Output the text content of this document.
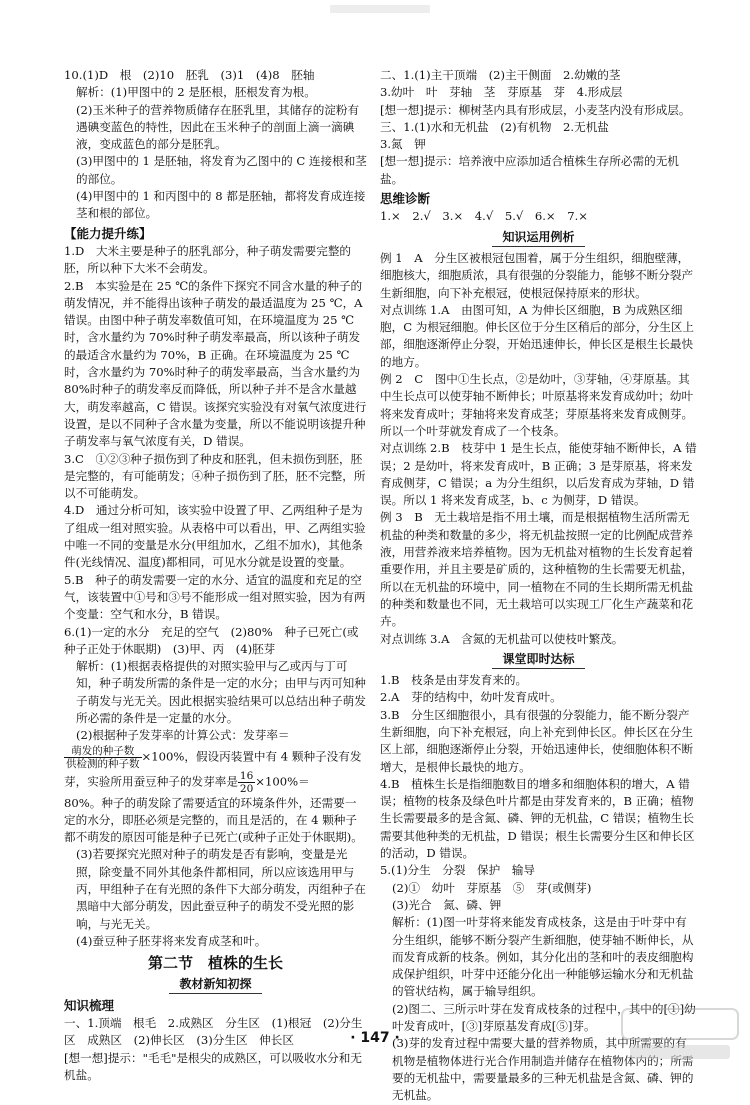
10.(1)D　根　(2)10　胚乳　(3)1　(4)8　胚轴
解析：(1)甲图中的 2 是胚根，胚根发育为根。
(2)玉米种子的营养物质储存在胚乳里，其储存的淀粉有遇碘变蓝色的特性，因此在玉米种子的剖面上滴一滴碘液，变成蓝色的部分是胚乳。
(3)甲图中的 1 是胚轴，将发育为乙图中的 C 连接根和茎的部位。
(4)甲图中的 1 和丙图中的 8 都是胚轴，都将发育成连接茎和根的部位。
【能力提升练】
1.D　大米主要是种子的胚乳部分，种子萌发需要完整的胚，所以种下大米不会萌发。
2.B　本实验是在 25 ℃的条件下探究不同含水量的种子的萌发情况，并不能得出该种子萌发的最适温度为 25 ℃，A 错误。由图中种子萌发率数值可知，在环境温度为 25 ℃时，含水量约为 70%时种子萌发率最高，所以该种子萌发的最适含水量约为 70%，B 正确。在环境温度为 25 ℃时，含水量约为 70%时种子的萌发率最高，当含水量约为 80%时种子的萌发率反而降低，所以种子并不是含水量越大，萌发率越高，C 错误。该探究实验没有对氧气浓度进行设置，是以不同种子含水量为变量，所以不能说明该提升种子萌发率与氧气浓度有关，D 错误。
3.C　①②③种子损伤到了种皮和胚乳，但未损伤到胚，胚是完整的，有可能萌发；④种子损伤到了胚，胚不完整，所以不可能萌发。
4.D　通过分析可知，该实验中设置了甲、乙两组种子是为了组成一组对照实验。从表格中可以看出，甲、乙两组实验中唯一不同的变量是水分(甲组加水，乙组不加水)，其他条件(光线情况、温度)都相同，可见水分就是设置的变量。
5.B　种子的萌发需要一定的水分、适宜的温度和充足的空气，该装置中①号和③号不能形成一组对照实验，因为有两个变量：空气和水分，B 错误。
6.(1)一定的水分　充足的空气　(2)80%　种子已死亡(或种子正处于休眠期)　(3)甲、丙　(4)胚芽
解析：(1)根据表格提供的对照实验甲与乙或丙与丁可知，种子萌发所需的条件是一定的水分；由甲与丙可知种子萌发与光无关。因此根据实验结果可以总结出种子萌发所必需的条件是一定量的水分。
(2)根据种子发芽率的计算公式：发芽率＝
$\frac{\text{萌发的种子数}}{\text{供检测的种子数}} \times 100\%$，假设丙装置中有 4 颗种子没有发芽，实验所用蚕豆种子的发芽率是 $\frac{16}{20} \times 100\%=$
80%。种子的萌发除了需要适宜的环境条件外，还需要一定的水分，即胚必须是完整的，而且是活的，在 4 颗种子都不萌发的原因可能是种子已死亡(或种子正处于休眠期)。
(3)若要探究光照对种子的萌发是否有影响，变量是光照，除变量不同外其他条件都相同，所以应该选用甲与丙，甲组种子在有光照的条件下大部分萌发，丙组种子在黑暗中大部分萌发，因此蚕豆种子的萌发不受光照的影响，与光无关。
(4)蚕豆种子胚芽将来发育成茎和叶。
第二节　植株的生长
教材新知初探
知识梳理
一、1.顶端　根毛　2.成熟区　分生区　(1)根冠　(2)分生区　成熟区　(2)伸长区　(3)分生区　伸长区
[想一想]提示："毛毛"是根尖的成熟区，可以吸收水分和无机盐。
二、1.(1)主干顶端　(2)主干侧面　2.幼嫩的茎
3.幼叶　叶　芽轴　茎　芽原基　芽　4.形成层
[想一想]提示：柳树茎内具有形成层，小麦茎内没有形成层。
三、1.(1)水和无机盐　(2)有机物　2.无机盐
3.氮　钾
[想一想]提示：培养液中应添加适合植株生存所必需的无机盐。
思维诊断
1.×　2.√　3.×　4.√　5.√　6.×　7.×
知识运用例析
例 1　A　分生区被根冠包围着，属于分生组织，细胞壁薄，细胞核大，细胞质浓，具有很强的分裂能力，能够不断分裂产生新细胞，向下补充根冠，使根冠保持原来的形状。
对点训练 1.A　由图可知，A 为伸长区细胞，B 为成熟区细胞，C 为根冠细胞。伸长区位于分生区稍后的部分，分生区上部，细胞逐渐停止分裂，开始迅速伸长，伸长区是根生长最快的地方。
例 2　C　图中①生长点，②是幼叶，③芽轴，④芽原基。其中生长点可以使芽轴不断伸长；叶原基将来发育成幼叶；幼叶将来发育成叶；芽轴将来发育成茎；芽原基将来发育成侧芽。所以一个叶芽就发育成了一个枝条。
对点训练 2.B　枝芽中 1 是生长点，能使芽轴不断伸长，A 错误；2 是幼叶，将来发育成叶，B 正确；3 是芽原基，将来发育成侧芽，C 错误；a 为分生组织，以后发育成为芽轴，D 错误。所以 1 将来发育成茎，b、c 为侧芽，D 错误。
例 3　B　无土栽培是指不用土壤，而是根据植物生活所需无机盐的种类和数量的多少，将无机盐按照一定的比例配成营养液，用营养液来培养植物。因为无机盐对植物的生长发育起着重要作用，并且主要是矿质的，这种植物的生长需要无机盐，所以在无机盐的环境中，同一植物在不同的生长期所需无机盐的种类和数量也不同，无土栽培可以实现工厂化生产蔬菜和花卉。
对点训练 3.A　含氮的无机盐可以使枝叶繁茂。
课堂即时达标
1.B　枝条是由芽发育来的。
2.A　芽的结构中，幼叶发育成叶。
3.B　分生区细胞很小，具有很强的分裂能力，能不断分裂产生新细胞，向下补充根冠，向上补充到伸长区。伸长区在分生区上部，细胞逐渐停止分裂，开始迅速伸长，使细胞体积不断增大，是根伸长最快的地方。
4.B　植株生长是指细胞数目的增多和细胞体积的增大，A 错误；植物的枝条及绿色叶片都是由芽发育来的，B 正确；植物生长需要最多的是含氮、磷、钾的无机盐，C 错误；植物生长需要其他种类的无机盐，D 错误；根生长需要分生区和伸长区的活动，D 错误。
5.(1)分生　分裂　保护　输导
(2)①　幼叶　芽原基　⑤　芽(或侧芽)
(3)光合　氮、磷、钾
解析：(1)图一叶芽将来能发育成枝条，这是由于叶芽中有分生组织，能够不断分裂产生新细胞，使芽轴不断伸长，从而发育成新的枝条。例如，其分化出的茎和叶的表皮细胞构成保护组织，叶芽中还能分化出一种能够运输水分和无机盐的管状结构，属于输导组织。
(2)图二、三所示叶芽在发育成枝条的过程中，其中的[①]幼叶发育成叶，[③]芽原基发育成[⑤]芽。
(3)芽的发育过程中需要大量的营养物质，其中所需要的有机物是植物体进行光合作用制造并储存在植物体内的；所需要的无机盐中，需要量最多的三种无机盐是含氮、磷、钾的无机盐。
· 147 ·
